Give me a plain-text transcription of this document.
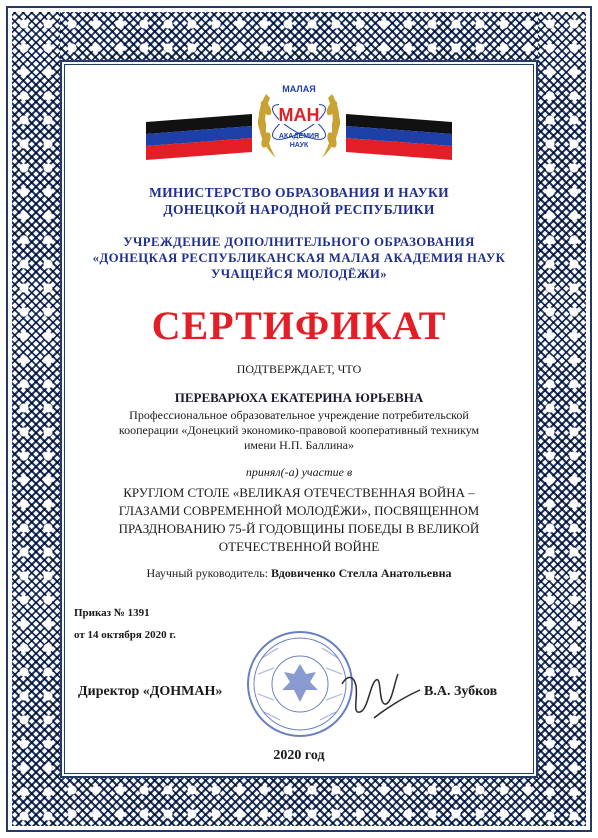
МАЛАЯ
МАН
АКАДЕМИЯ
НАУК
МИНИСТЕРСТВО ОБРАЗОВАНИЯ И НАУКИ
ДОНЕЦКОЙ НАРОДНОЙ РЕСПУБЛИКИ
УЧРЕЖДЕНИЕ ДОПОЛНИТЕЛЬНОГО ОБРАЗОВАНИЯ
«ДОНЕЦКАЯ РЕСПУБЛИКАНСКАЯ МАЛАЯ АКАДЕМИЯ НАУК
УЧАЩЕЙСЯ МОЛОДЁЖИ»
СЕРТИФИКАТ
ПОДТВЕРЖДАЕТ, ЧТО
ПЕРЕВАРЮХА ЕКАТЕРИНА ЮРЬЕВНА
Профессиональное образовательное учреждение потребительской
кооперации «Донецкий экономико-правовой кооперативный техникум
имени Н.П. Баллина»
принял(-а) участие в
КРУГЛОМ СТОЛЕ «ВЕЛИКАЯ ОТЕЧЕСТВЕННАЯ ВОЙНА –
ГЛАЗАМИ СОВРЕМЕННОЙ МОЛОДЁЖИ», ПОСВЯЩЕННОМ
ПРАЗДНОВАНИЮ 75-Й ГОДОВЩИНЫ ПОБЕДЫ В ВЕЛИКОЙ
ОТЕЧЕСТВЕННОЙ ВОЙНЕ
Научный руководитель: Вдовиченко Стелла Анатольевна
Приказ № 1391
от 14 октября 2020 г.
Директор «ДОНМАН»	В.А. Зубков
2020 год
